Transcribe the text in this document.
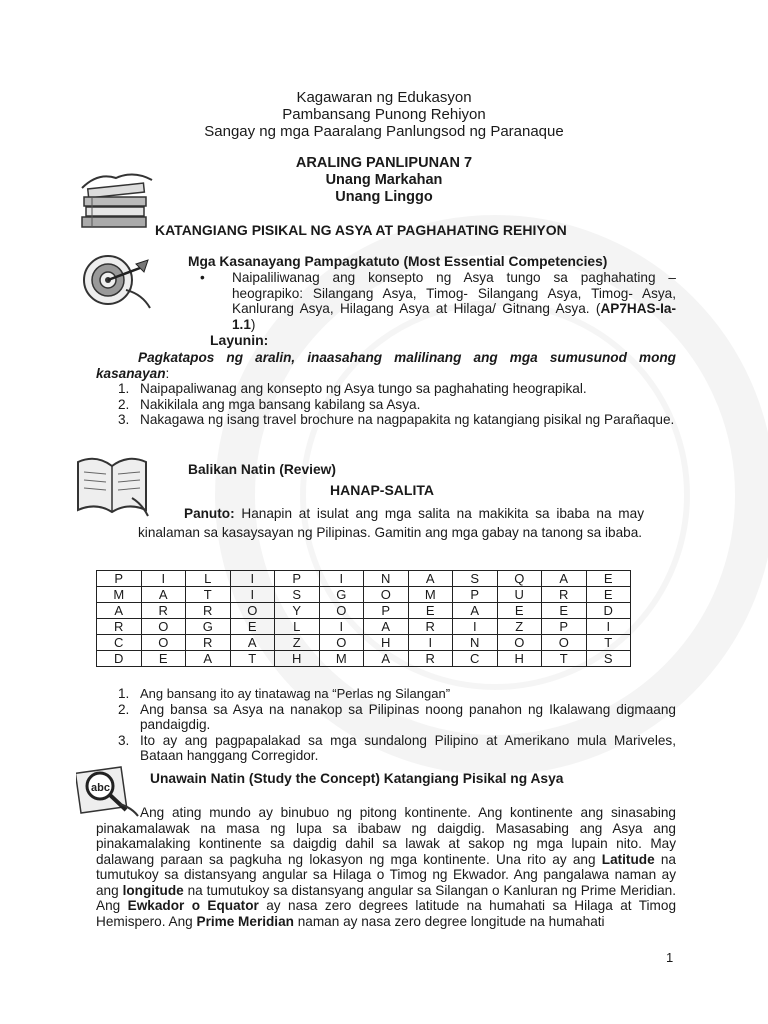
Kagawaran ng Edukasyon
Pambansang Punong Rehiyon
Sangay ng mga Paaralang Panlungsod ng Paranaque
ARALING PANLIPUNAN 7
Unang Markahan
Unang Linggo
KATANGIANG PISIKAL NG ASYA AT PAGHAHATING REHIYON
Mga Kasanayang Pampagkatuto (Most Essential Competencies)
•	Naipaliliwanag ang konsepto ng Asya tungo sa paghahating – heograpiko: Silangang Asya, Timog- Silangang Asya, Timog- Asya, Kanlurang Asya, Hilagang Asya at Hilaga/ Gitnang Asya. (AP7HAS-Ia-1.1)
Layunin:
Pagkatapos ng aralin, inaasahang malilinang ang mga sumusunod mong kasanayan:
1. Naipapaliwanag ang konsepto ng Asya tungo sa paghahating heograpikal.
2. Nakikilala ang mga bansang kabilang sa Asya.
3. Nakagawa ng isang travel brochure na nagpapakita ng katangiang pisikal ng Parañaque.
Balikan Natin (Review)
HANAP-SALITA
Panuto: Hanapin at isulat ang mga salita na makikita sa ibaba na may kinalaman sa kasaysayan ng Pilipinas. Gamitin ang mga gabay na tanong sa ibaba.
P	I	L	I	P	I	N	A	S	Q	A	E
M	A	T	I	S	G	O	M	P	U	R	E
A	R	R	O	Y	O	P	E	A	E	E	D
R	O	G	E	L	I	A	R	I	Z	P	I
C	O	R	A	Z	O	H	I	N	O	O	T
D	E	A	T	H	M	A	R	C	H	T	S
1. Ang bansang ito ay tinatawag na “Perlas ng Silangan”
2. Ang bansa sa Asya na nanakop sa Pilipinas noong panahon ng Ikalawang digmaang pandaigdig.
3. Ito ay ang pagpapalakad sa mga sundalong Pilipino at Amerikano mula Mariveles, Bataan hanggang Corregidor.
abc
Unawain Natin (Study the Concept) Katangiang Pisikal ng Asya
Ang ating mundo ay binubuo ng pitong kontinente. Ang kontinente ang sinasabing pinakamalawak na masa ng lupa sa ibabaw ng daigdig. Masasabing ang Asya ang pinakamalaking kontinente sa daigdig dahil sa lawak at sakop ng mga lupain nito. May dalawang paraan sa pagkuha ng lokasyon ng mga kontinente. Una rito ay ang Latitude na tumutukoy sa distansyang angular sa Hilaga o Timog ng Ekwador. Ang pangalawa naman ay ang longitude na tumutukoy sa distansyang angular sa Silangan o Kanluran ng Prime Meridian. Ang Ewkador o Equator ay nasa zero degrees latitude na humahati sa Hilaga at Timog Hemispero. Ang Prime Meridian naman ay nasa zero degree longitude na humahati
1
